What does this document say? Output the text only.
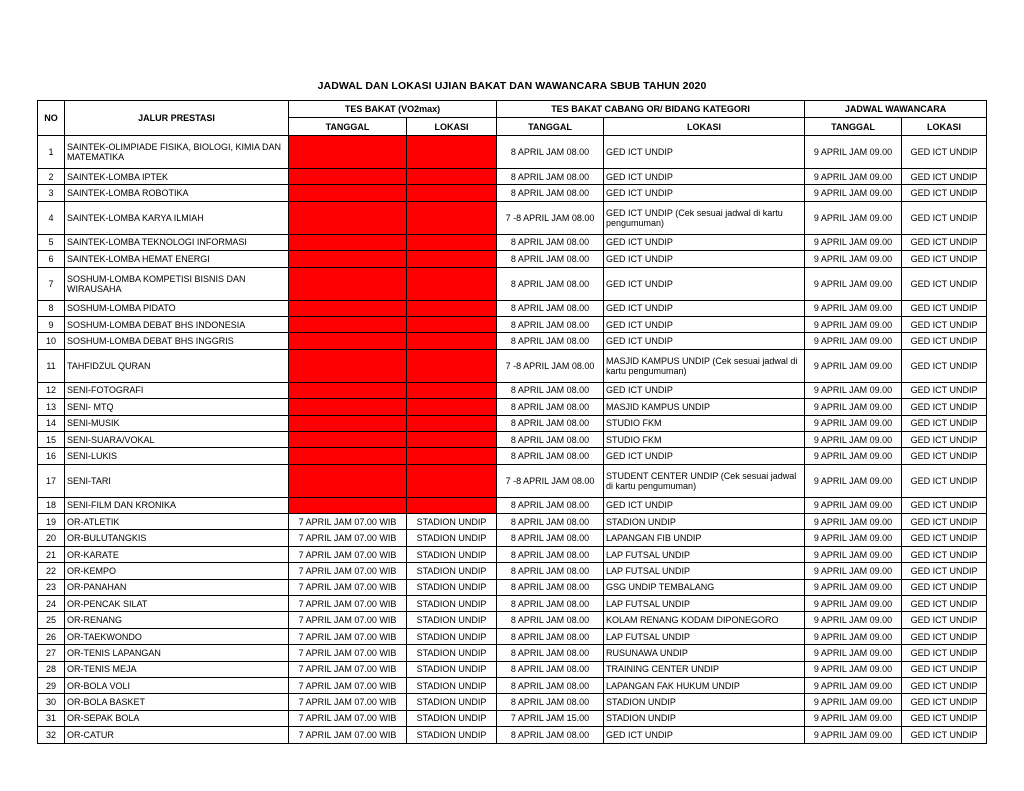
JADWAL DAN LOKASI UJIAN BAKAT DAN WAWANCARA SBUB TAHUN 2020
NO	JALUR PRESTASI	TES BAKAT (VO2max)		TES BAKAT CABANG OR/ BIDANG KATEGORI		JADWAL WAWANCARA	
		TANGGAL	LOKASI	TANGGAL	LOKASI	TANGGAL	LOKASI
1	SAINTEK-OLIMPIADE FISIKA, BIOLOGI, KIMIA DAN MATEMATIKA			8 APRIL JAM 08.00	GED ICT UNDIP	9 APRIL JAM 09.00	GED ICT UNDIP
2	SAINTEK-LOMBA IPTEK			8 APRIL JAM 08.00	GED ICT UNDIP	9 APRIL JAM 09.00	GED ICT UNDIP
3	SAINTEK-LOMBA ROBOTIKA			8 APRIL JAM 08.00	GED ICT UNDIP	9 APRIL JAM 09.00	GED ICT UNDIP
4	SAINTEK-LOMBA KARYA ILMIAH			7 -8 APRIL JAM 08.00	GED ICT UNDIP (Cek sesuai jadwal di kartu pengumuman)	9 APRIL JAM 09.00	GED ICT UNDIP
5	SAINTEK-LOMBA TEKNOLOGI INFORMASI			8 APRIL JAM 08.00	GED ICT UNDIP	9 APRIL JAM 09.00	GED ICT UNDIP
6	SAINTEK-LOMBA HEMAT ENERGI			8 APRIL JAM 08.00	GED ICT UNDIP	9 APRIL JAM 09.00	GED ICT UNDIP
7	SOSHUM-LOMBA KOMPETISI BISNIS DAN WIRAUSAHA			8 APRIL JAM 08.00	GED ICT UNDIP	9 APRIL JAM 09.00	GED ICT UNDIP
8	SOSHUM-LOMBA PIDATO			8 APRIL JAM 08.00	GED ICT UNDIP	9 APRIL JAM 09.00	GED ICT UNDIP
9	SOSHUM-LOMBA DEBAT BHS INDONESIA			8 APRIL JAM 08.00	GED ICT UNDIP	9 APRIL JAM 09.00	GED ICT UNDIP
10	SOSHUM-LOMBA DEBAT BHS INGGRIS			8 APRIL JAM 08.00	GED ICT UNDIP	9 APRIL JAM 09.00	GED ICT UNDIP
11	TAHFIDZUL QURAN			7 -8 APRIL JAM 08.00	MASJID KAMPUS UNDIP (Cek sesuai jadwal di kartu pengumuman)	9 APRIL JAM 09.00	GED ICT UNDIP
12	SENI-FOTOGRAFI			8 APRIL JAM 08.00	GED ICT UNDIP	9 APRIL JAM 09.00	GED ICT UNDIP
13	SENI- MTQ			8 APRIL JAM 08.00	MASJID KAMPUS UNDIP	9 APRIL JAM 09.00	GED ICT UNDIP
14	SENI-MUSIK			8 APRIL JAM 08.00	STUDIO FKM	9 APRIL JAM 09.00	GED ICT UNDIP
15	SENI-SUARA/VOKAL			8 APRIL JAM 08.00	STUDIO FKM	9 APRIL JAM 09.00	GED ICT UNDIP
16	SENI-LUKIS			8 APRIL JAM 08.00	GED ICT UNDIP	9 APRIL JAM 09.00	GED ICT UNDIP
17	SENI-TARI			7 -8 APRIL JAM 08.00	STUDENT CENTER UNDIP (Cek sesuai jadwal di kartu pengumuman)	9 APRIL JAM 09.00	GED ICT UNDIP
18	SENI-FILM DAN KRONIKA			8 APRIL JAM 08.00	GED ICT UNDIP	9 APRIL JAM 09.00	GED ICT UNDIP
19	OR-ATLETIK	7 APRIL JAM 07.00 WIB	STADION UNDIP	8 APRIL JAM 08.00	STADION UNDIP	9 APRIL JAM 09.00	GED ICT UNDIP
20	OR-BULUTANGKIS	7 APRIL JAM 07.00 WIB	STADION UNDIP	8 APRIL JAM 08.00	LAPANGAN FIB UNDIP	9 APRIL JAM 09.00	GED ICT UNDIP
21	OR-KARATE	7 APRIL JAM 07.00 WIB	STADION UNDIP	8 APRIL JAM 08.00	LAP FUTSAL UNDIP	9 APRIL JAM 09.00	GED ICT UNDIP
22	OR-KEMPO	7 APRIL JAM 07.00 WIB	STADION UNDIP	8 APRIL JAM 08.00	LAP FUTSAL UNDIP	9 APRIL JAM 09.00	GED ICT UNDIP
23	OR-PANAHAN	7 APRIL JAM 07.00 WIB	STADION UNDIP	8 APRIL JAM 08.00	GSG UNDIP TEMBALANG	9 APRIL JAM 09.00	GED ICT UNDIP
24	OR-PENCAK SILAT	7 APRIL JAM 07.00 WIB	STADION UNDIP	8 APRIL JAM 08.00	LAP FUTSAL UNDIP	9 APRIL JAM 09.00	GED ICT UNDIP
25	OR-RENANG	7 APRIL JAM 07.00 WIB	STADION UNDIP	8 APRIL JAM 08.00	KOLAM RENANG KODAM DIPONEGORO	9 APRIL JAM 09.00	GED ICT UNDIP
26	OR-TAEKWONDO	7 APRIL JAM 07.00 WIB	STADION UNDIP	8 APRIL JAM 08.00	LAP FUTSAL UNDIP	9 APRIL JAM 09.00	GED ICT UNDIP
27	OR-TENIS LAPANGAN	7 APRIL JAM 07.00 WIB	STADION UNDIP	8 APRIL JAM 08.00	RUSUNAWA UNDIP	9 APRIL JAM 09.00	GED ICT UNDIP
28	OR-TENIS MEJA	7 APRIL JAM 07.00 WIB	STADION UNDIP	8 APRIL JAM 08.00	TRAINING CENTER UNDIP	9 APRIL JAM 09.00	GED ICT UNDIP
29	OR-BOLA VOLI	7 APRIL JAM 07.00 WIB	STADION UNDIP	8 APRIL JAM 08.00	LAPANGAN FAK HUKUM UNDIP	9 APRIL JAM 09.00	GED ICT UNDIP
30	OR-BOLA BASKET	7 APRIL JAM 07.00 WIB	STADION UNDIP	8 APRIL JAM 08.00	STADION UNDIP	9 APRIL JAM 09.00	GED ICT UNDIP
31	OR-SEPAK BOLA	7 APRIL JAM 07.00 WIB	STADION UNDIP	7 APRIL JAM 15.00	STADION UNDIP	9 APRIL JAM 09.00	GED ICT UNDIP
32	OR-CATUR	7 APRIL JAM 07.00 WIB	STADION UNDIP	8 APRIL JAM 08.00	GED ICT UNDIP	9 APRIL JAM 09.00	GED ICT UNDIP
